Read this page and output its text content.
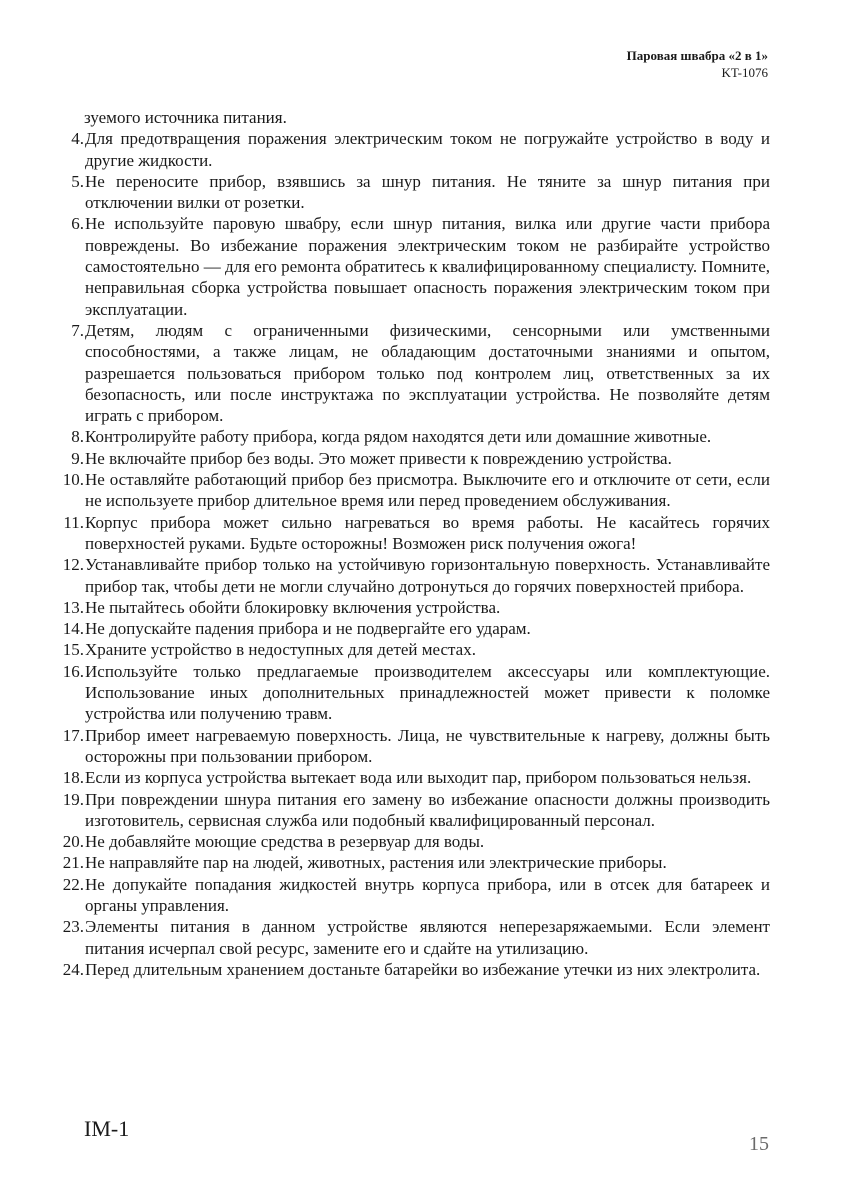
Паровая швабра «2 в 1»
KT-1076
зуемого источника питания.
4. Для предотвращения поражения электрическим током не погружайте устройство в воду и другие жидкости.
5. Не переносите прибор, взявшись за шнур питания. Не тяните за шнур питания при отключении вилки от розетки.
6. Не используйте паровую швабру, если шнур питания, вилка или другие части прибора повреждены. Во избежание поражения электрическим током не разбирайте устройство самостоятельно — для его ремонта обратитесь к квалифицированному специалисту. Помните, неправильная сборка устройства повышает опасность поражения электрическим током при эксплуатации.
7. Детям, людям с ограниченными физическими, сенсорными или умственными способностями, а также лицам, не обладающим достаточными знаниями и опытом, разрешается пользоваться прибором только под контролем лиц, ответственных за их безопасность, или после инструктажа по эксплуатации устройства. Не позволяйте детям играть с прибором.
8. Контролируйте работу прибора, когда рядом находятся дети или домашние животные.
9. Не включайте прибор без воды. Это может привести к повреждению устройства.
10. Не оставляйте работающий прибор без присмотра. Выключите его и отключите от сети, если не используете прибор длительное время или перед проведением обслуживания.
11. Корпус прибора может сильно нагреваться во время работы. Не касайтесь горячих поверхностей руками. Будьте осторожны! Возможен риск получения ожога!
12. Устанавливайте прибор только на устойчивую горизонтальную поверхность. Устанавливайте прибор так, чтобы дети не могли случайно дотронуться до горячих поверхностей прибора.
13. Не пытайтесь обойти блокировку включения устройства.
14. Не допускайте падения прибора и не подвергайте его ударам.
15. Храните устройство в недоступных для детей местах.
16. Используйте только предлагаемые производителем аксессуары или комплектующие. Использование иных дополнительных принадлежностей может привести к поломке устройства или получению травм.
17. Прибор имеет нагреваемую поверхность. Лица, не чувствительные к нагреву, должны быть осторожны при пользовании прибором.
18. Если из корпуса устройства вытекает вода или выходит пар, прибором пользоваться нельзя.
19. При повреждении шнура питания его замену во избежание опасности должны производить изготовитель, сервисная служба или подобный квалифицированный персонал.
20. Не добавляйте моющие средства в резервуар для воды.
21. Не направляйте пар на людей, животных, растения или электрические приборы.
22. Не допукайте попадания жидкостей внутрь корпуса прибора, или в отсек для батареек и органы управления.
23. Элементы питания в данном устройстве являются неперезаряжаемыми. Если элемент питания исчерпал свой ресурс, замените его и сдайте на утилизацию.
24. Перед длительным хранением достаньте батарейки во избежание утечки из них электролита.
IM-1
15
